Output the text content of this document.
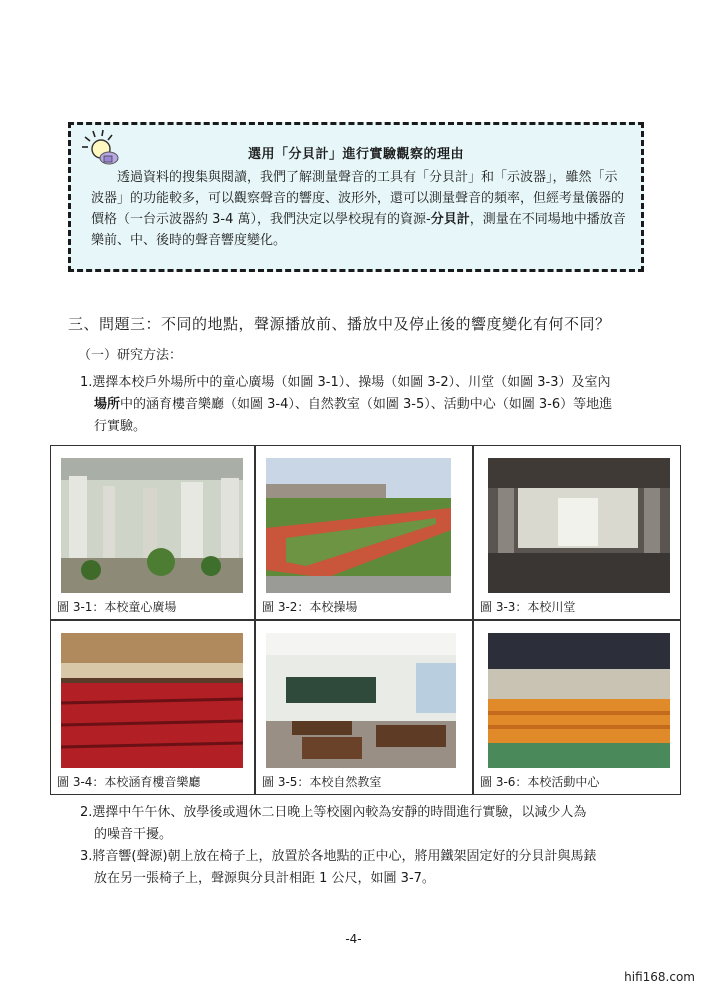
選用「分貝計」進行實驗觀察的理由

透過資料的搜集與閱讀，我們了解測量聲音的工具有「分貝計」和「示波器」，雖然「示波器」的功能較多，可以觀察聲音的響度、波形外，還可以測量聲音的頻率，但經考量儀器的價格（一台示波器約 3-4 萬），我們決定以學校現有的資源-分貝計，測量在不同場地中播放音樂前、中、後時的聲音響度變化。

三、問題三：不同的地點，聲源播放前、播放中及停止後的響度變化有何不同？
（一）研究方法：

1.選擇本校戶外場所中的童心廣場（如圖 3-1）、操場（如圖 3-2）、川堂（如圖 3-3）及室內
場所中的涵育樓音樂廳（如圖 3-4）、自然教室（如圖 3-5）、活動中心（如圖 3-6）等地進
行實驗。

圖 3-1：本校童心廣場	圖 3-2：本校操場	圖 3-3：本校川堂
圖 3-4：本校涵育樓音樂廳	圖 3-5：本校自然教室	圖 3-6：本校活動中心

2.選擇中午午休、放學後或週休二日晚上等校園內較為安靜的時間進行實驗，以減少人為
的噪音干擾。

3.將音響(聲源)朝上放在椅子上，放置於各地點的正中心，將用鐵架固定好的分貝計與馬錶
放在另一張椅子上，聲源與分貝計相距 1 公尺，如圖 3-7。

-4-
hifi168.com
